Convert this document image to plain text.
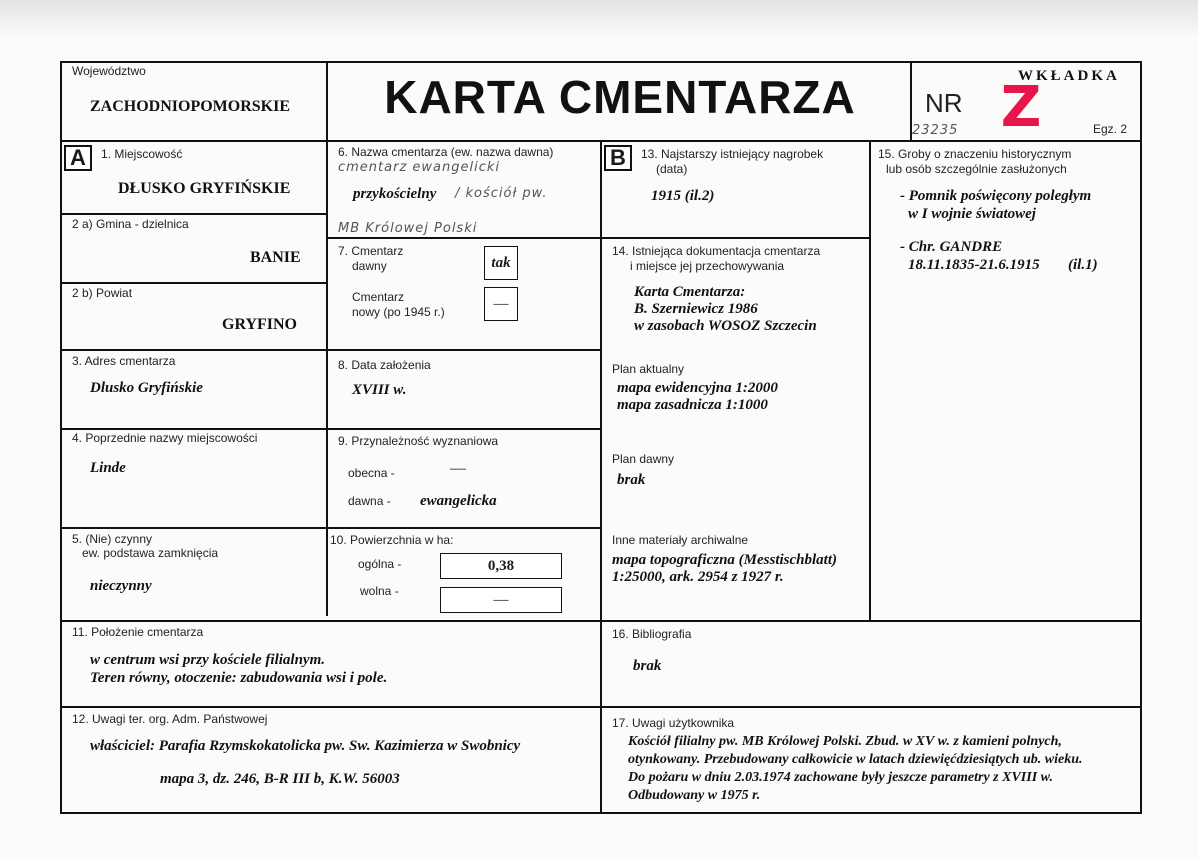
Województwo
ZACHODNIOPOMORSKIE	KARTA CMENTARZA	WKŁADKA
NR Z
23235	Egz. 2
A	1. Miejscowość
DŁUSKO GRYFIŃSKIE
2 a) Gmina - dzielnica
BANIE
2 b) Powiat
GRYFINO
3. Adres cmentarza
Dlusko Gryfińskie
4. Poprzednie nazwy miejscowości
Linde
5. (Nie) czynny
ew. podstawa zamknięcia
nieczynny
6. Nazwa cmentarza (ew. nazwa dawna)
cmentarz ewangelicki
przykościelny / kościół pw.
MB Królowej Polski
7. Cmentarz
dawny	tak
Cmentarz
nowy (po 1945 r.)
—
8. Data założenia
XVIII w.
9. Przynależność wyznaniowa
obecna -	—
dawna - ewangelicka
10. Powierzchnia w ha:
ogólna -	0,38
wolna -
—
B	13. Najstarszy istniejący nagrobek
(data)
1915 (il.2)
14. Istniejąca dokumentacja cmentarza
i miejsce jej przechowywania
Karta Cmentarza:
B. Szerniewicz 1986
w zasobach WOSOZ Szczecin
Plan aktualny
mapa ewidencyjna 1:2000
mapa zasadnicza 1:1000
Plan dawny
brak
Inne materiały archiwalne
mapa topograficzna (Messtischblatt)
1:25000, ark. 2954 z 1927 r.
15. Groby o znaczeniu historycznym
lub osób szczególnie zasłużonych
- Pomnik poświęcony poległym
w I wojnie światowej
- Chr. GANDRE
18.11.1835-21.6.1915 (il.1)
11. Położenie cmentarza
w centrum wsi przy kościele filialnym.
Teren równy, otoczenie: zabudowania wsi i pole.
16. Bibliografia
brak
12. Uwagi ter. org. Adm. Państwowej
właściciel: Parafia Rzymskokatolicka pw. Sw. Kazimierza w Swobnicy
mapa 3, dz. 246, B-R III b, K.W. 56003
17. Uwagi użytkownika
Kościół filialny pw. MB Królowej Polski. Zbud. w XV w. z kamieni polnych,
otynkowany. Przebudowany całkowicie w latach dziewięćdziesiątych ub. wieku.
Do pożaru w dniu 2.03.1974 zachowane były jeszcze parametry z XVIII w.
Odbudowany w 1975 r.
